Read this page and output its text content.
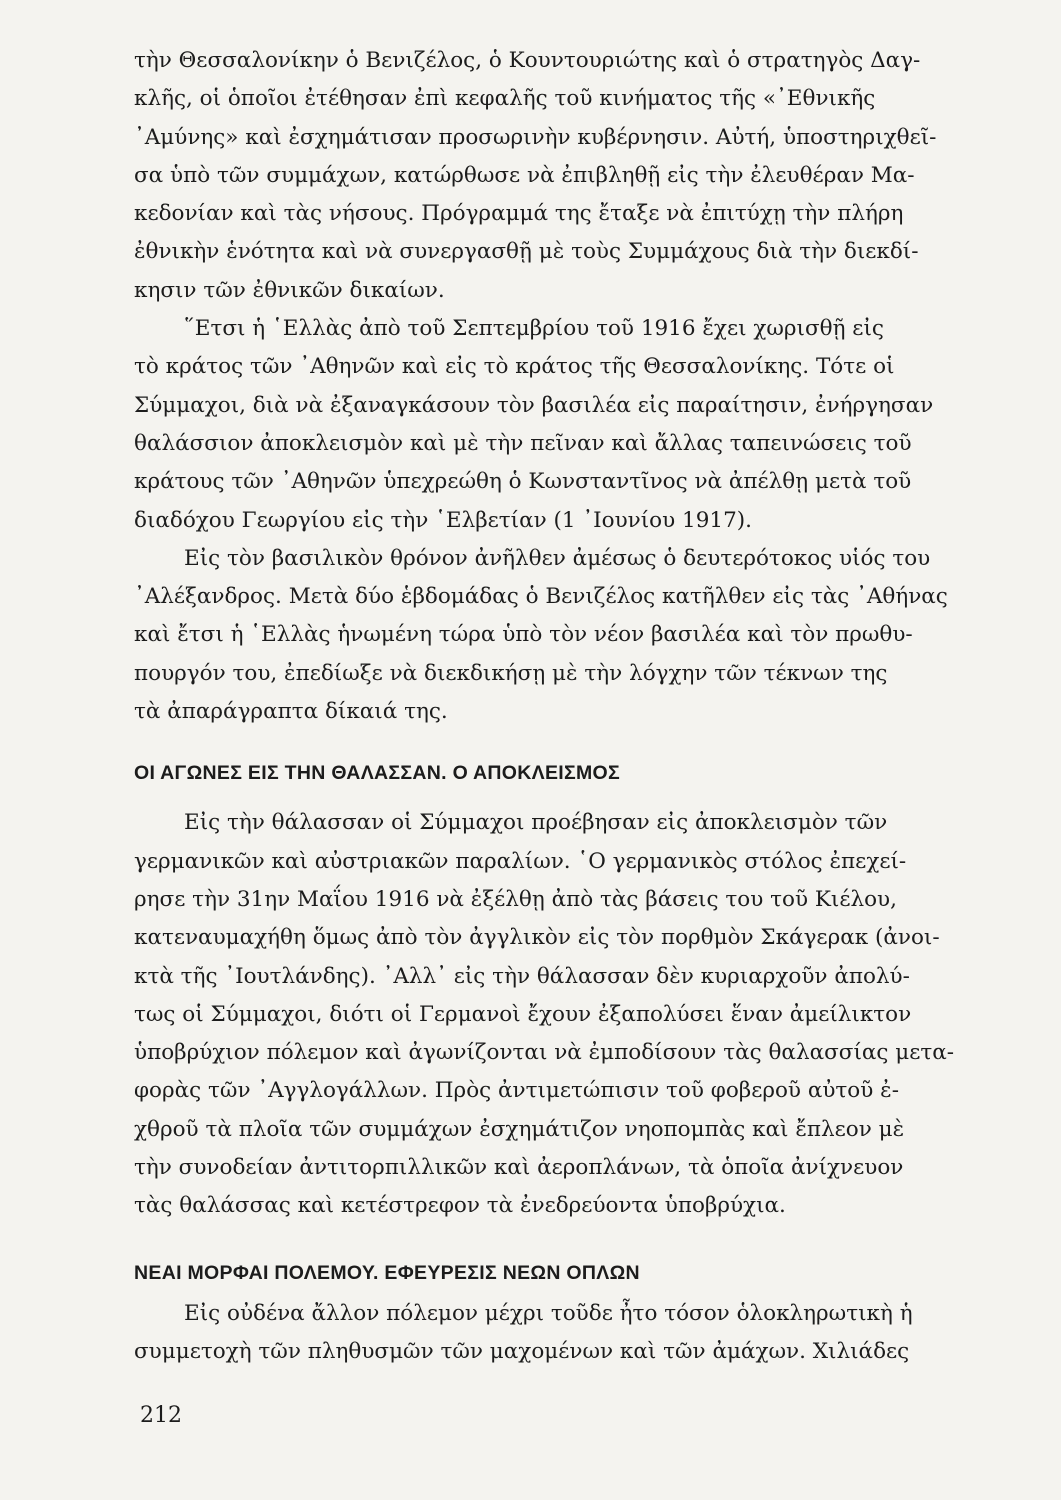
τὴν Θεσσαλονίκην ὁ Βενιζέλος, ὁ Κουντουριώτης καὶ ὁ στρατηγὸς Δαγ-
κλῆς, οἱ ὁποῖοι ἐτέθησαν ἐπὶ κεφαλῆς τοῦ κινήματος τῆς «᾿Εθνικῆς
᾿Αμύνης» καὶ ἐσχημάτισαν προσωρινὴν κυβέρνησιν. Αὐτή, ὑποστηριχθεῖ-
σα ὑπὸ τῶν συμμάχων, κατώρθωσε νὰ ἐπιβληθῇ εἰς τὴν ἐλευθέραν Μα-
κεδονίαν καὶ τὰς νήσους. Πρόγραμμά της ἔταξε νὰ ἐπιτύχῃ τὴν πλήρη
ἐθνικὴν ἑνότητα καὶ νὰ συνεργασθῇ μὲ τοὺς Συμμάχους διὰ τὴν διεκδί-
κησιν τῶν ἐθνικῶν δικαίων.
῞Ετσι ἡ ῾Ελλὰς ἀπὸ τοῦ Σεπτεμβρίου τοῦ 1916 ἔχει χωρισθῇ εἰς
τὸ κράτος τῶν ᾿Αθηνῶν καὶ εἰς τὸ κράτος τῆς Θεσσαλονίκης. Τότε οἱ
Σύμμαχοι, διὰ νὰ ἐξαναγκάσουν τὸν βασιλέα εἰς παραίτησιν, ἐνήργησαν
θαλάσσιον ἀποκλεισμὸν καὶ μὲ τὴν πεῖναν καὶ ἄλλας ταπεινώσεις τοῦ
κράτους τῶν ᾿Αθηνῶν ὑπεχρεώθη ὁ Κωνσταντῖνος νὰ ἀπέλθῃ μετὰ τοῦ
διαδόχου Γεωργίου εἰς τὴν ῾Ελβετίαν (1 ᾿Ιουνίου 1917).
Εἰς τὸν βασιλικὸν θρόνον ἀνῆλθεν ἀμέσως ὁ δευτερότοκος υἱός του
᾿Αλέξανδρος. Μετὰ δύο ἑβδομάδας ὁ Βενιζέλος κατῆλθεν εἰς τὰς ᾿Αθήνας
καὶ ἔτσι ἡ ῾Ελλὰς ἡνωμένη τώρα ὑπὸ τὸν νέον βασιλέα καὶ τὸν πρωθυ-
πουργόν του, ἐπεδίωξε νὰ διεκδικήσῃ μὲ τὴν λόγχην τῶν τέκνων της
τὰ ἀπαράγραπτα δίκαιά της.
ΟΙ ΑΓΩΝΕΣ ΕΙΣ ΤΗΝ ΘΑΛΑΣΣΑΝ. Ο ΑΠΟΚΛΕΙΣΜΟΣ
Εἰς τὴν θάλασσαν οἱ Σύμμαχοι προέβησαν εἰς ἀποκλεισμὸν τῶν
γερμανικῶν καὶ αὐστριακῶν παραλίων. ῾Ο γερμανικὸς στόλος ἐπεχεί-
ρησε τὴν 31ην Μαΐου 1916 νὰ ἐξέλθῃ ἀπὸ τὰς βάσεις του τοῦ Κιέλου,
κατεναυμαχήθη ὅμως ἀπὸ τὸν ἀγγλικὸν εἰς τὸν πορθμὸν Σκάγεραк (ἀνοι-
κτὰ τῆς ᾿Ιουτλάνδης). ᾿Αλλ᾿ εἰς τὴν θάλασσαν δὲν κυριαρχοῦν ἀπολύ-
τως οἱ Σύμμαχοι, διότι οἱ Γερμανοὶ ἔχουν ἐξαπολύσει ἕναν ἀμείλικτον
ὑποβρύχιον πόλεμον καὶ ἀγωνίζονται νὰ ἐμποδίσουν τὰς θαλασσίας μετα-
φορὰς τῶν ᾿Αγγλογάλλων. Πρὸς ἀντιμετώπισιν τοῦ φοβεροῦ αὐτοῦ ἐ-
χθροῦ τὰ πλοῖα τῶν συμμάχων ἐσχημάτιζον νηοπομπὰς καὶ ἔπλεον μὲ
τὴν συνοδείαν ἀντιτορπιλλικῶν καὶ ἀεροπλάνων, τὰ ὁποῖα ἀνίχνευον
τὰς θαλάσσας καὶ κετέστρεφον τὰ ἐνεδρεύοντα ὑποβρύχια.
ΝΕΑΙ ΜΟΡΦΑΙ ΠΟΛΕΜΟΥ. ΕΦΕΥΡΕΣΙΣ ΝΕΩΝ ΟΠΛΩΝ
Εἰς οὐδένα ἄλλον πόλεμον μέχρι τοῦδε ἦτο τόσον ὁλοκληρωτικὴ ἡ
συμμετοχὴ τῶν πληθυσμῶν τῶν μαχομένων καὶ τῶν ἀμάχων. Χιλιάδες
212
